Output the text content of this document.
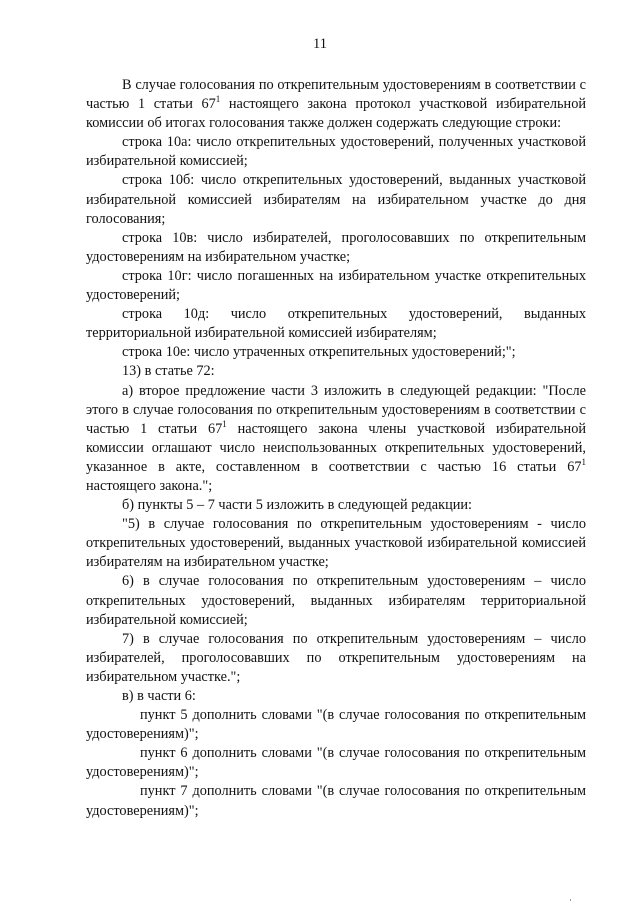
11

В случае голосования по открепительным удостоверениям в соответствии с частью 1 статьи $67^1$ настоящего закона протокол участковой избирательной комиссии об итогах голосования также должен содержать следующие строки:

строка 10а: число открепительных удостоверений, полученных участковой избирательной комиссией;

строка 10б: число открепительных удостоверений, выданных участковой избирательной комиссией избирателям на избирательном участке до дня голосования;

строка 10в: число избирателей, проголосовавших по открепительным удостоверениям на избирательном участке;

строка 10г: число погашенных на избирательном участке открепительных удостоверений;

строка 10д: число открепительных удостоверений, выданных территориальной избирательной комиссией избирателям;

строка 10е: число утраченных открепительных удостоверений;";

13) в статье 72:

а) второе предложение части 3 изложить в следующей редакции: "После этого в случае голосования по открепительным удостоверениям в соответствии с частью 1 статьи $67^1$ настоящего закона члены участковой избирательной комиссии оглашают число неиспользованных открепительных удостоверений, указанное в акте, составленном в соответствии с частью 16 статьи $67^1$ настоящего закона.";

б) пункты 5 – 7 части 5 изложить в следующей редакции:

"5) в случае голосования по открепительным удостоверениям - число открепительных удостоверений, выданных участковой избирательной комиссией избирателям на избирательном участке;

6) в случае голосования по открепительным удостоверениям – число открепительных удостоверений, выданных избирателям территориальной избирательной комиссией;

7) в случае голосования по открепительным удостоверениям – число избирателей, проголосовавших по открепительным удостоверениям на избирательном участке.";

в) в части 6:

пункт 5 дополнить словами "(в случае голосования по открепительным удостоверениям)";

пункт 6 дополнить словами "(в случае голосования по открепительным удостоверениям)";

пункт 7 дополнить словами "(в случае голосования по открепительным удостоверениям)";
